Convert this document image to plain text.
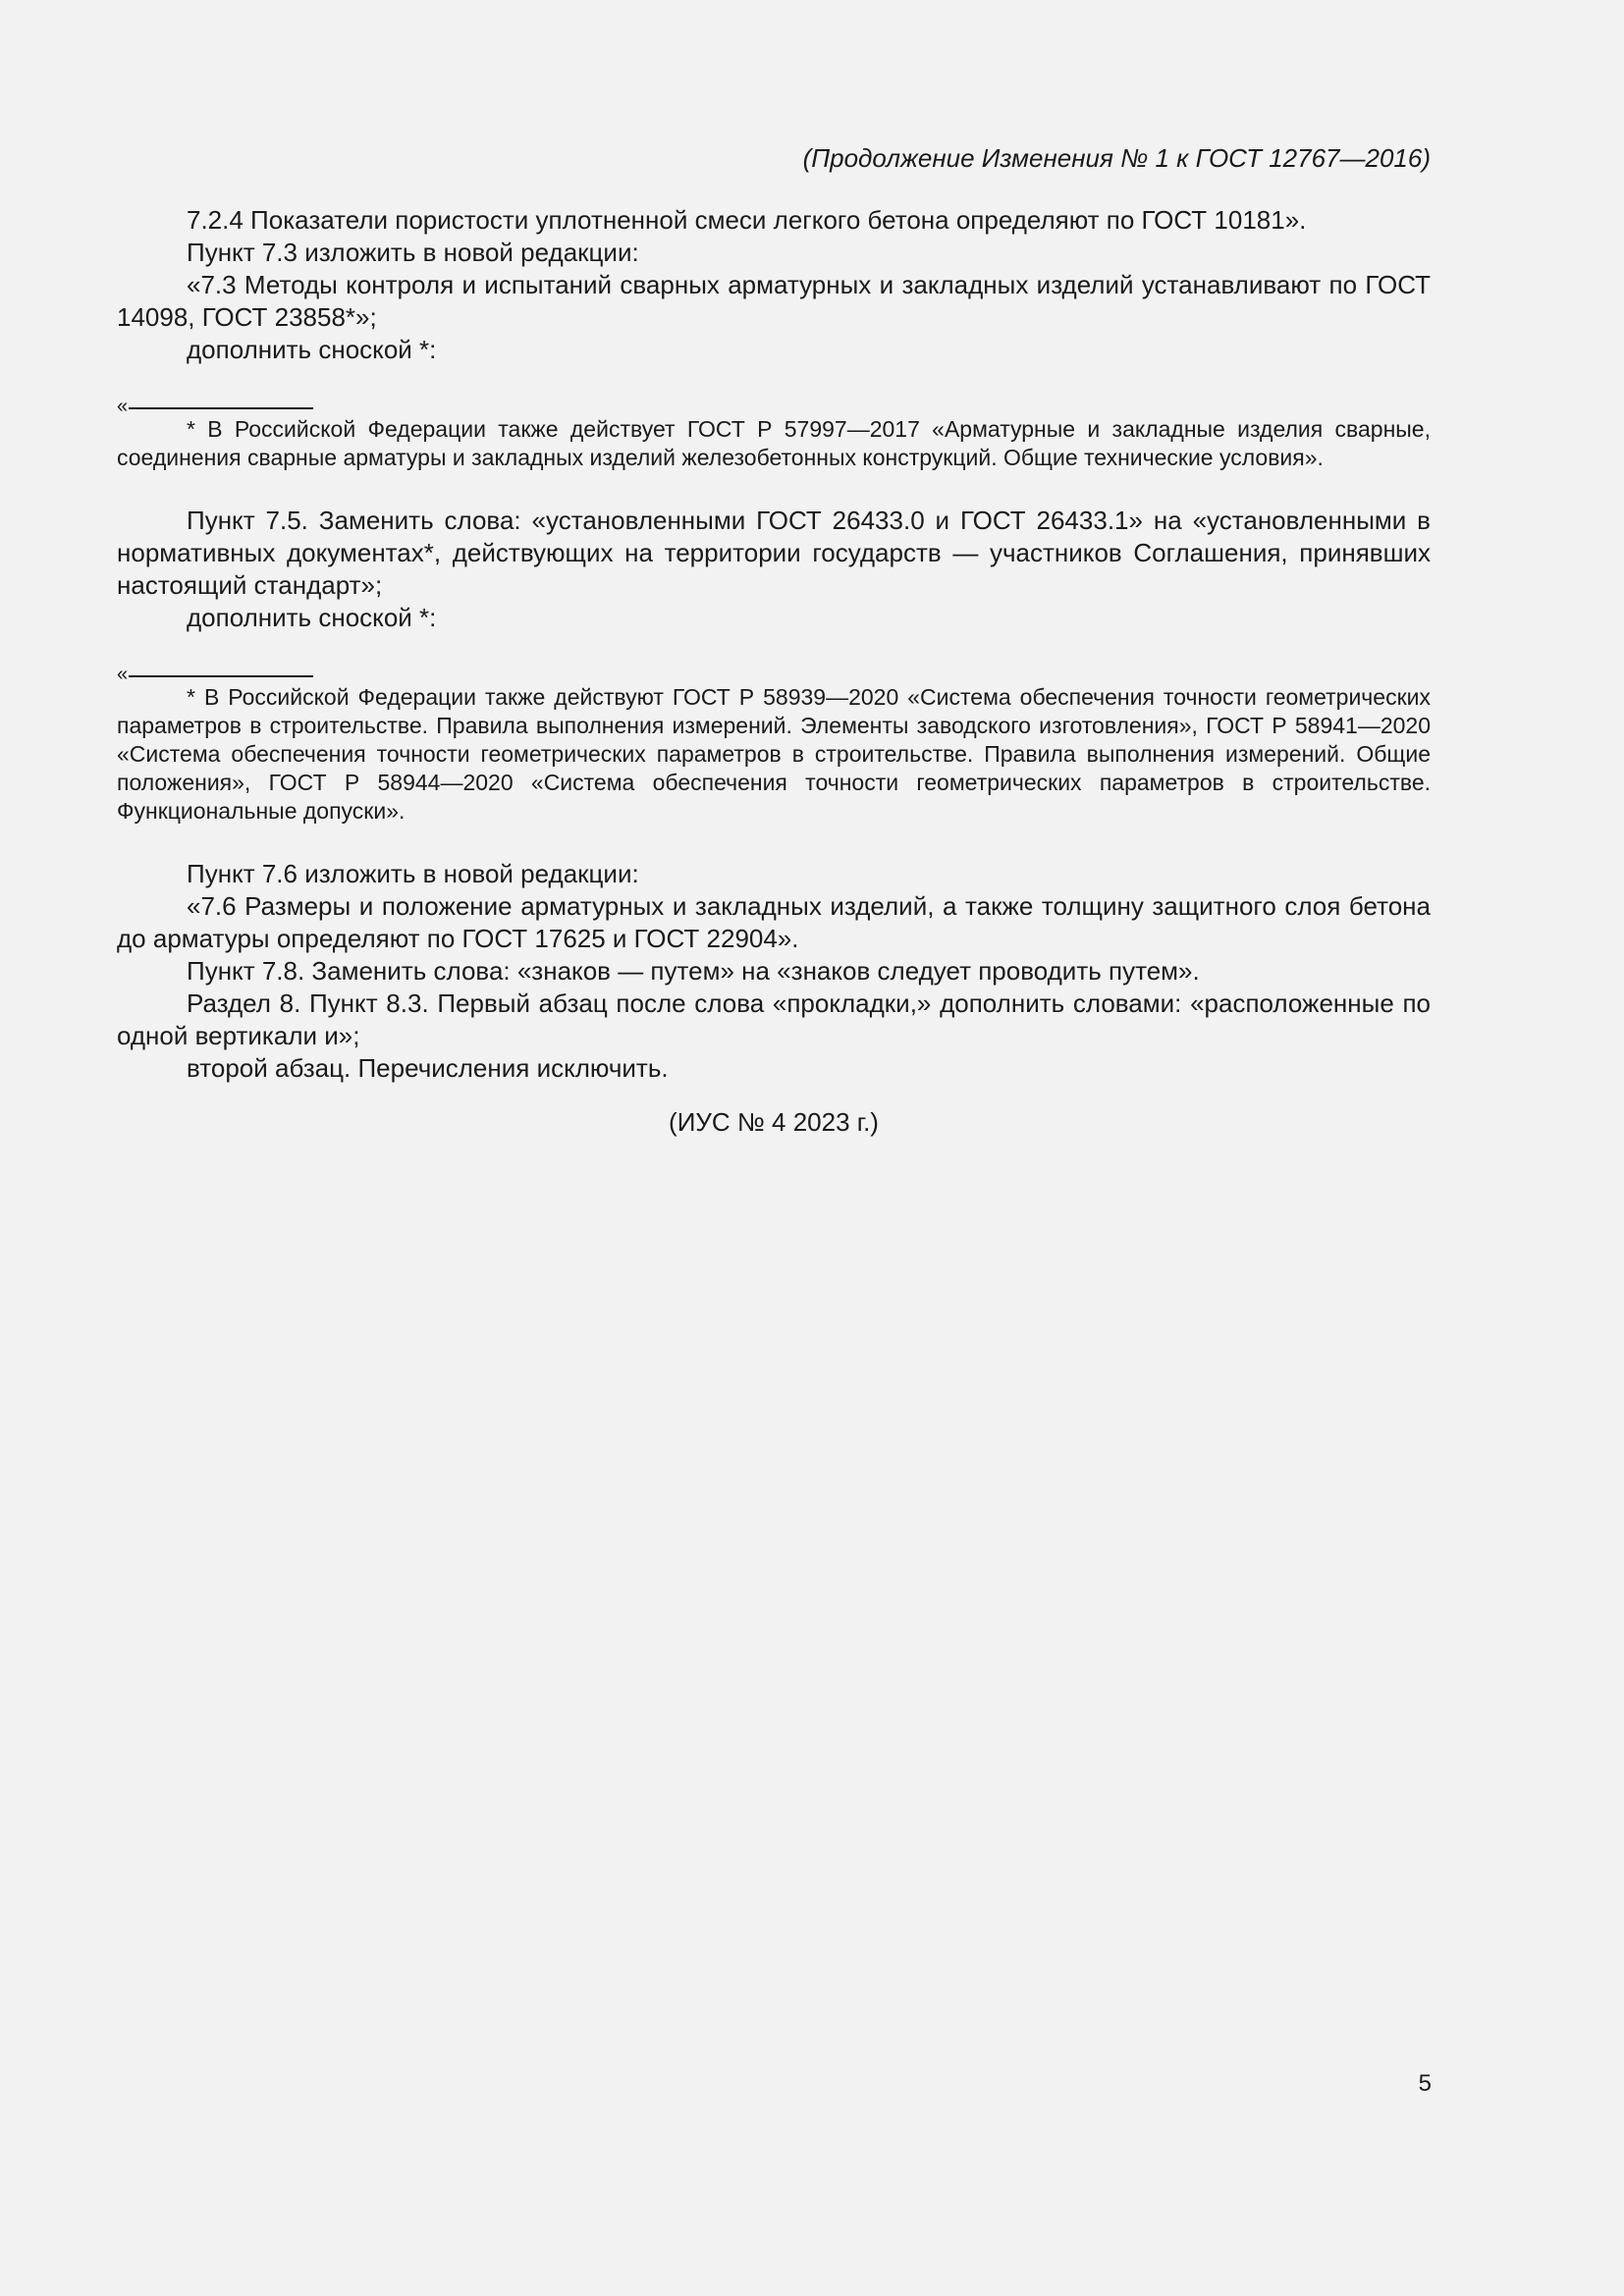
(Продолжение Изменения № 1 к ГОСТ 12767—2016)

7.2.4 Показатели пористости уплотненной смеси легкого бетона определяют по ГОСТ 10181».

Пункт 7.3 изложить в новой редакции:

«7.3 Методы контроля и испытаний сварных арматурных и закладных изделий устанавливают по ГОСТ 14098, ГОСТ 23858*»;

дополнить сноской *:

«

* В Российской Федерации также действует ГОСТ Р 57997—2017 «Арматурные и закладные изделия сварные, соединения сварные арматуры и закладных изделий железобетонных конструкций. Общие технические условия».

Пункт 7.5. Заменить слова: «установленными ГОСТ 26433.0 и ГОСТ 26433.1» на «установленными в нормативных документах*, действующих на территории государств — участников Соглашения, принявших настоящий стандарт»;

дополнить сноской *:

«

* В Российской Федерации также действуют ГОСТ Р 58939—2020 «Система обеспечения точности геометрических параметров в строительстве. Правила выполнения измерений. Элементы заводского изготовления», ГОСТ Р 58941—2020 «Система обеспечения точности геометрических параметров в строительстве. Правила выполнения измерений. Общие положения», ГОСТ Р 58944—2020 «Система обеспечения точности геометрических параметров в строительстве. Функциональные допуски».

Пункт 7.6 изложить в новой редакции:

«7.6 Размеры и положение арматурных и закладных изделий, а также толщину защитного слоя бетона до арматуры определяют по ГОСТ 17625 и ГОСТ 22904».

Пункт 7.8. Заменить слова: «знаков — путем» на «знаков следует проводить путем».

Раздел 8. Пункт 8.3. Первый абзац после слова «прокладки,» дополнить словами: «расположенные по одной вертикали и»;

второй абзац. Перечисления исключить.

(ИУС № 4 2023 г.)
5
